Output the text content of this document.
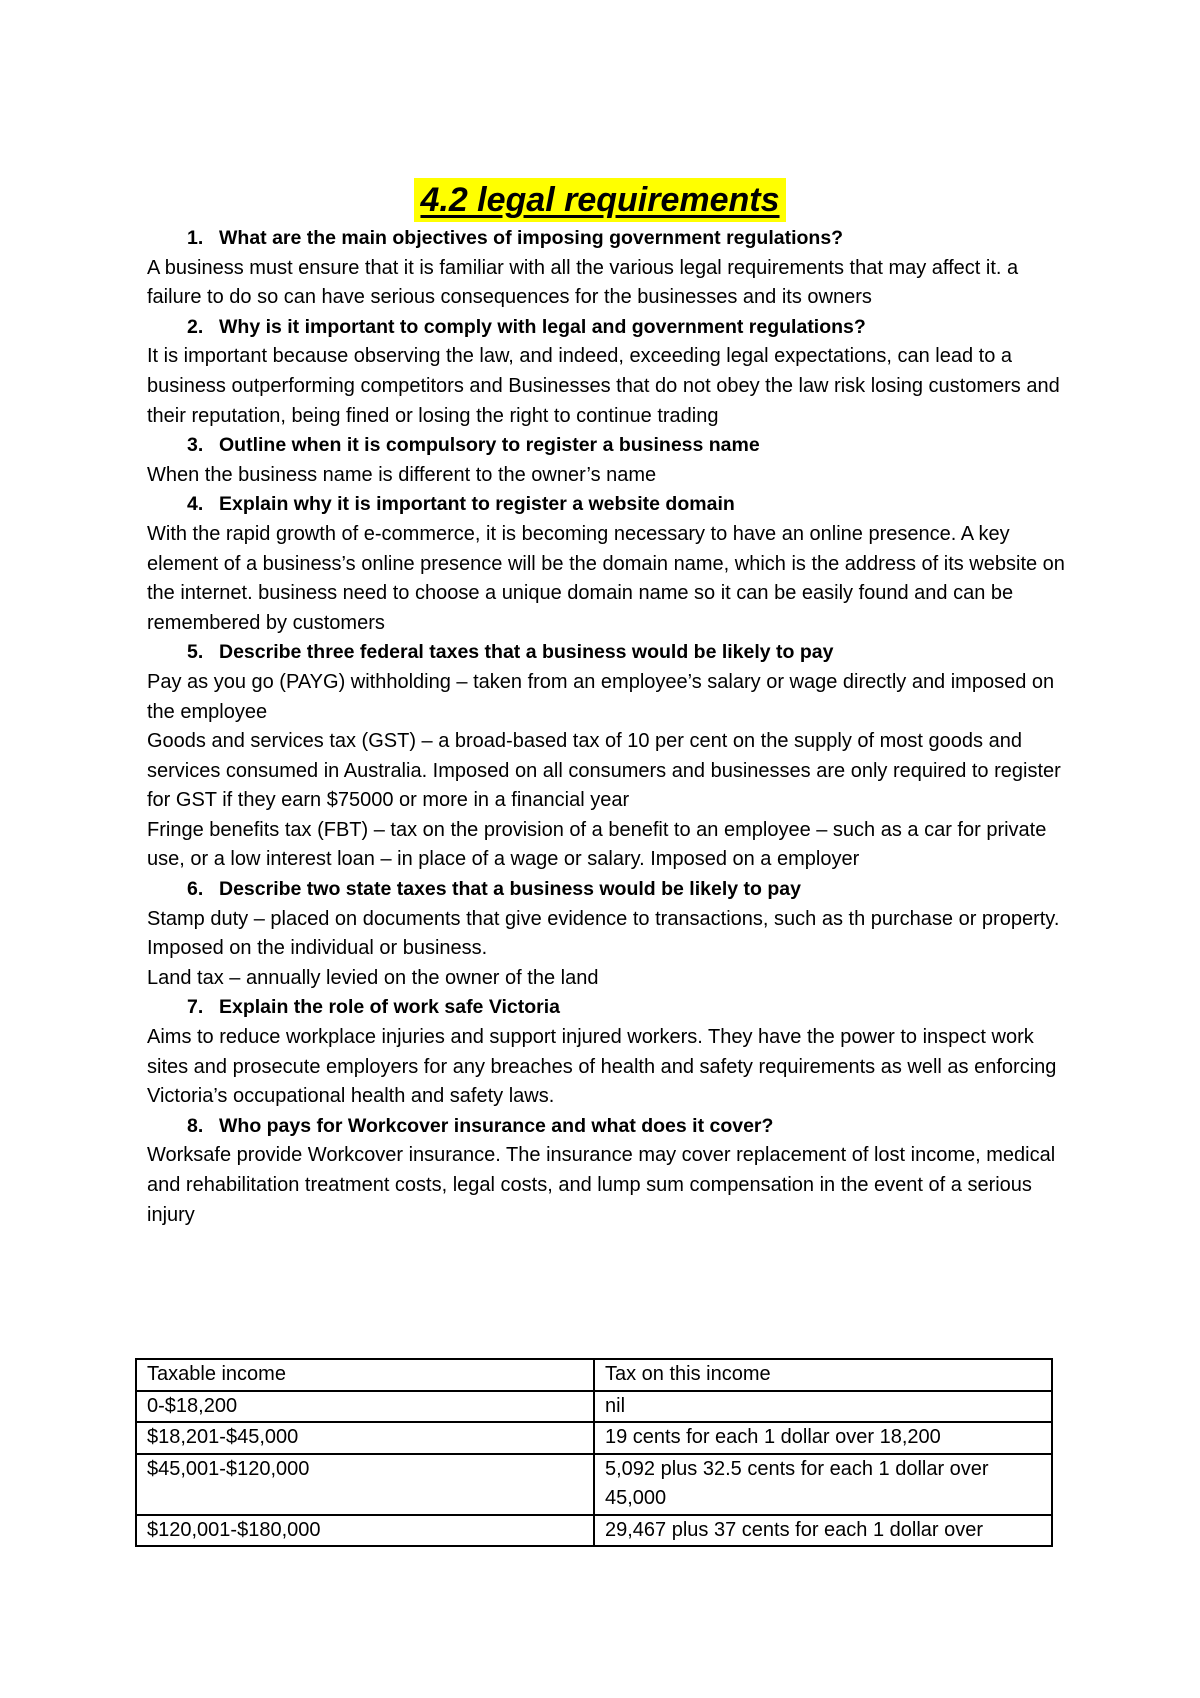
4.2 legal requirements
1. What are the main objectives of imposing government regulations?

A business must ensure that it is familiar with all the various legal requirements that may affect it. a failure to do so can have serious consequences for the businesses and its owners

2. Why is it important to comply with legal and government regulations?

It is important because observing the law, and indeed, exceeding legal expectations, can lead to a business outperforming competitors and Businesses that do not obey the law risk losing customers and their reputation, being fined or losing the right to continue trading

3. Outline when it is compulsory to register a business name

When the business name is different to the owner’s name

4. Explain why it is important to register a website domain

With the rapid growth of e-commerce, it is becoming necessary to have an online presence. A key element of a business’s online presence will be the domain name, which is the address of its website on the internet. business need to choose a unique domain name so it can be easily found and can be remembered by customers

5. Describe three federal taxes that a business would be likely to pay

Pay as you go (PAYG) withholding – taken from an employee’s salary or wage directly and imposed on the employee

Goods and services tax (GST) – a broad-based tax of 10 per cent on the supply of most goods and services consumed in Australia. Imposed on all consumers and businesses are only required to register for GST if they earn $75000 or more in a financial year

Fringe benefits tax (FBT) – tax on the provision of a benefit to an employee – such as a car for private use, or a low interest loan – in place of a wage or salary. Imposed on a employer

6. Describe two state taxes that a business would be likely to pay

Stamp duty – placed on documents that give evidence to transactions, such as th purchase or property. Imposed on the individual or business.

Land tax – annually levied on the owner of the land

7. Explain the role of work safe Victoria

Aims to reduce workplace injuries and support injured workers. They have the power to inspect work sites and prosecute employers for any breaches of health and safety requirements as well as enforcing Victoria’s occupational health and safety laws.

8. Who pays for Workcover insurance and what does it cover?

Worksafe provide Workcover insurance. The insurance may cover replacement of lost income, medical and rehabilitation treatment costs, legal costs, and lump sum compensation in the event of a serious injury

Taxable income	Tax on this income
0-$18,200	nil
$18,201-$45,000	19 cents for each 1 dollar over 18,200
$45,001-$120,000	5,092 plus 32.5 cents for each 1 dollar over 45,000
$120,001-$180,000	29,467 plus 37 cents for each 1 dollar over
